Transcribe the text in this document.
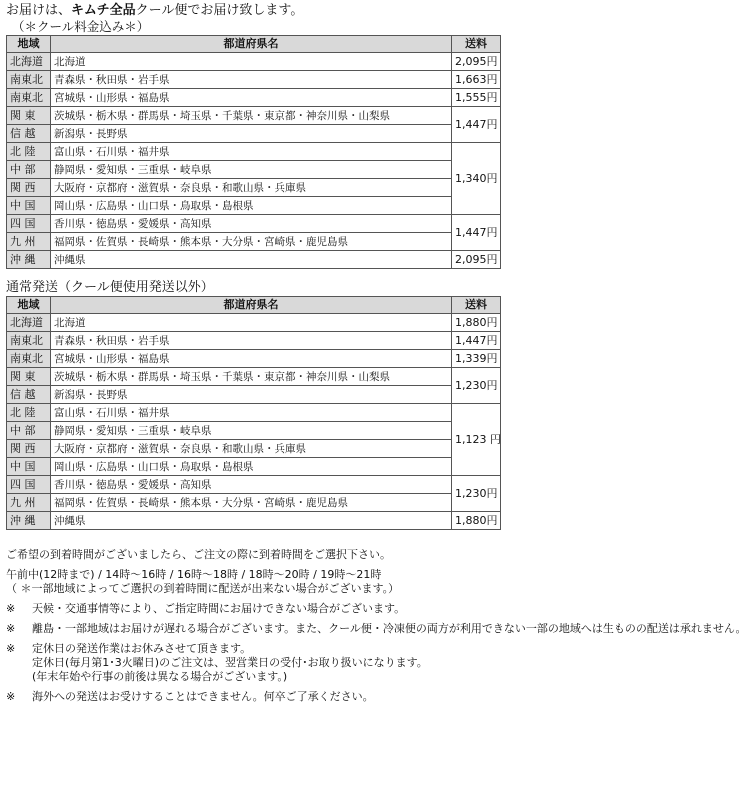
お届けは、キムチ全品クール便でお届け致します。
（＊クール料金込み＊）
地域	都道府県名	送料
北海道	北海道	2,095円
南東北	青森県・秋田県・岩手県	1,663円
南東北	宮城県・山形県・福島県	1,555円
関 東	茨城県・栃木県・群馬県・埼玉県・千葉県・東京都・神奈川県・山梨県	1,447円
信 越	新潟県・長野県	
北 陸	富山県・石川県・福井県	1,340円
中 部	静岡県・愛知県・三重県・岐阜県	
関 西	大阪府・京都府・滋賀県・奈良県・和歌山県・兵庫県	
中 国	岡山県・広島県・山口県・鳥取県・島根県	
四 国	香川県・徳島県・愛媛県・高知県	1,447円
九 州	福岡県・佐賀県・長崎県・熊本県・大分県・宮崎県・鹿児島県	
沖 縄	沖縄県	2,095円
通常発送（クール便使用発送以外）
地域	都道府県名	送料
北海道	北海道	1,880円
南東北	青森県・秋田県・岩手県	1,447円
南東北	宮城県・山形県・福島県	1,339円
関 東	茨城県・栃木県・群馬県・埼玉県・千葉県・東京都・神奈川県・山梨県	1,230円
信 越	新潟県・長野県	
北 陸	富山県・石川県・福井県	1,123 円
中 部	静岡県・愛知県・三重県・岐阜県	
関 西	大阪府・京都府・滋賀県・奈良県・和歌山県・兵庫県	
中 国	岡山県・広島県・山口県・鳥取県・島根県	
四 国	香川県・徳島県・愛媛県・高知県	1,230円
九 州	福岡県・佐賀県・長崎県・熊本県・大分県・宮崎県・鹿児島県	
沖 縄	沖縄県	1,880円

ご希望の到着時間がございましたら、ご注文の際に到着時間をご選択下さい。

午前中(12時まで) / 14時～16時 / 16時～18時 / 18時～20時 / 19時～21時

（ ＊一部地域によってご選択の到着時間に配送が出来ない場合がございます。）

※	天候・交通事情等により、ご指定時間にお届けできない場合がございます。

※	離島・一部地域はお届けが遅れる場合がございます。また、クール便・冷凍便の両方が利用できない一部の地域へは生ものの配送は承れません。

※	定休日の発送作業はお休みさせて頂きます。

定休日(毎月第1･3火曜日)のご注文は、翌営業日の受付･お取り扱いになります。

(年末年始や行事の前後は異なる場合がございます。)

※	海外への発送はお受けすることはできません。何卒ご了承ください。
